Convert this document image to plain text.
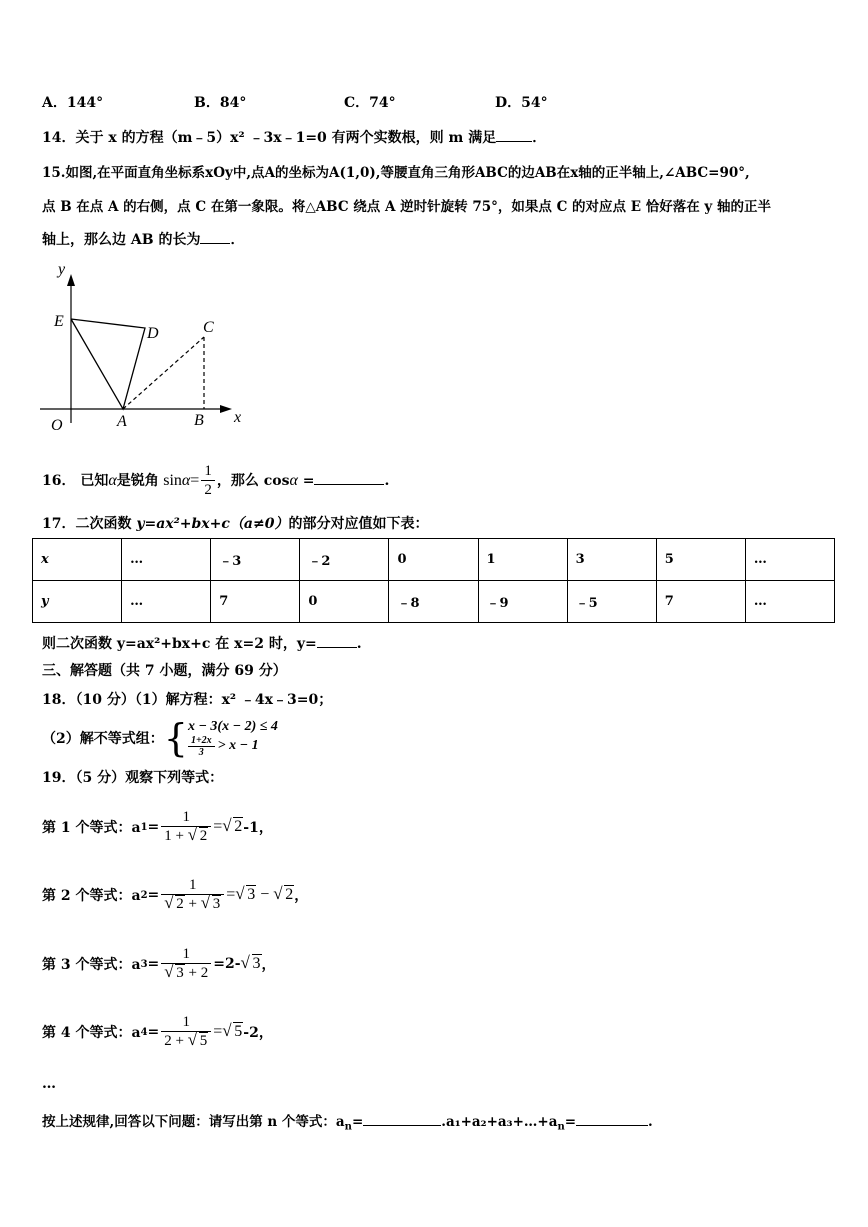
A．144°	B．84°	C．74°	D．54°
14．关于 x 的方程（m﹣5）x² ﹣3x﹣1=0 有两个实数根，则 m 满足	．
15.如图,在平面直角坐标系xOy中,点A的坐标为A(1,0),等腰直角三角形ABC的边AB在x轴的正半轴上,∠ABC=90°,
点 B 在点 A 的右侧，点 C 在第一象限。将△ABC 绕点 A 逆时针旋转 75°，如果点 C 的对应点 E 恰好落在 y 轴的正半
轴上，那么边 AB 的长为 ．
y
x
O	A	B
C
D
E
16． 已知α是锐角 $\sin\alpha= \frac{1}{2}$ ，那么 cosα =	.
17．二次函数 y=ax²+bx+c（a≠0）的部分对应值如下表：
x	…	﹣3	﹣2	0	1	3	5	…
y	…	7	0	﹣8	﹣9	﹣5	7	…
则二次函数 y=ax²+bx+c 在 x=2 时，y=	.
三、解答题（共 7 小题，满分 69 分）
18．（10 分）（1）解方程：x² ﹣4x﹣3=0；
（2）解不等式组： { x − 3(x − 2) ≤ 4
$\frac{1+2x}{3} > x - 1$
19．（5 分）观察下列等式：
第 1 个等式：a $1 = \frac{1}{1 + √ 2}$ = √ 2 -1，
第 2 个等式：a 2 = 1
√ 2 + √ 3 = √ 3 − √ 2 ，
第 3 个等式：a 3 = 1
√ 3 + 2 =2- √ 3 ，
第 4 个等式：a $4 = \frac{1}{2 + √ 5}$ = √ 5 -2，
…
按上述规律,回答以下问题：请写出第 n 个等式：$a_n=$	$.a_1+a_2+a_3+\dots+a_n=$	.
